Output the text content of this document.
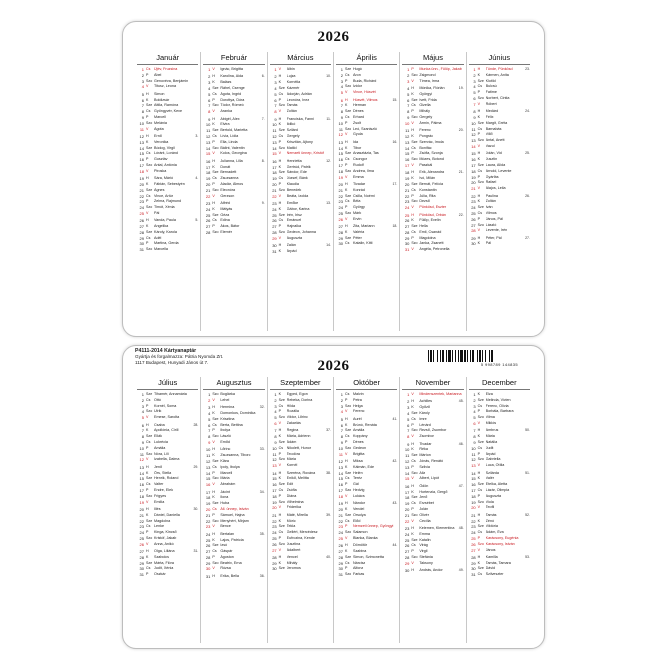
2026
Január
1 Cs Újév, Fruzsina
2 P	Ábel
3 Szo Genovéva, Benjámin
4 V	Titusz, Leona
5 H	Simon
6 K	Boldizsár
7 Sze Attila, Ramóna
8 Cs Gyöngyvér, Keve
9 P	Marcell
10 Szo Melánia
11 V	Ágota
12 H	Ernő	3.
13 K	Veronika
14 Sze Bódog, Virgil
15 Cs Lóránt, Loránd
16 P	Gusztáv
17 Szo Antal, Antónia
18 V	Piroska
19 H	Sára, Márió	4.
20 K	Fábián, Sebestyén
21 Sze Ágnes
22 Cs Vince, Artúr
23 P	Zelma, Rajmund
24 Szo Timót, Xénia
25 V	Pál
26 H	Vanda, Paula	5.
27 K	Angelika
28 Sze Károly, Karola
29 Cs Adél
30 P	Martina, Gerda
31 Szo Marcella
Február
1 V	Ignác, Brigitta
2 H	Karolina, Aida	6.
3 K	Balázs
4 Sze Ráhel, Csenge
5 Cs Ágota, Ingrid
6 P	Dorottya, Dóra
7 Szo Tódor, Rómeó
8 V	Aranka
9 H	Abigél, Alex	7.
10 K	Elvira
11 Sze Bertold, Marietta
12 Cs Lívia, Lídia
13 P	Ella, Linda
14 Szo Bálint, Valentin
15 V	Kolos, Georgina
16 H	Julianna, Lilla	8.
17 K	Donát
18 Sze Bernadett
19 Cs Zsuzsanna
20 P	Aladár, Álmos
21 Szo Eleonóra
22 V	Gerzson
23 H	Alfréd	9.
24 K	Mátyás
25 Sze Géza
26 Cs Edina
27 P	Ákos, Bátor
28 Szo Elemér
Március
1 V	Albin
2 H	Lujza	10.
3 K	Kornélia
4 Sze Kázmér
5 Cs Adorján, Adrián
6 P	Leonóra, Inez
7 Szo Tamás
8 V	Zoltán
9 H	Franciska, Fanni	11.
10 K	Ildikó
11 Sze Szilárd
12 Cs Gergely
13 P	Krisztián, Ajtony
14 Szo Matild
15 V	Nemzeti ünnep, Kristóf
16 H	Henrietta	12.
17 K	Gertrúd, Patrik
18 Sze Sándor, Ede
19 Cs József, Bánk
20 P	Klaudia
21 Szo Benedek
22 V	Beáta, Izolda
23 H	Emőke	13.
24 K	Gábor, Karina
25 Sze Irén, Irisz
26 Cs Emánuel
27 P	Hajnalka
28 Szo Gedeon, Johanna
29 V	Auguszta
30 H	Zalán	14.
31 K	Árpád
Április
1 Sze Hugó
2 Cs Áron
3 P	Buda, Richárd
4 Szo Izidor
5 V	Vince, Húsvét
6 H	Húsvét, Vilmos	15.
7 K	Herman
8 Sze Dénes
9 Cs Erhard
10 P	Zsolt
11 Szo Leó, Szaniszló
12 V	Gyula
13 H	Ida	16.
14 K	Tibor
15 Sze Anasztázia, Tas
16 Cs Csongor
17 P	Rudolf
18 Szo Andrea, Ilma
19 V	Emma
20 H	Tivadar	17.
21 K	Konrád
22 Sze Csilla, Noémi
23 Cs Béla
24 P	György
25 Szo Márk
26 V	Ervin
27 H	Zita, Mariann	18.
28 K	Valéria
29 Sze Péter
30 Cs Katalin, Kitti
Május
1 P	Munka ünn., Fülöp, Jakab
2 Szo Zsigmond
3 V	Tímea, Irma
4 H	Mónika, Flórián	19.
5 K	Györgyi
6 Sze Ivett, Frida
7 Cs Gizella
8 P	Mihály
9 Szo Gergely
10 V	Ármin, Pálma
11 H	Ferenc	20.
12 K	Pongrác
13 Sze Szervác, Imola
14 Cs Bonifác
15 P	Zsófia, Szonja
16 Szo Mózes, Botond
17 V	Paszkál
18 H	Erik, Alexandra	21.
19 K	Ivó, Milán
20 Sze Bernát, Felícia
21 Cs Konstantin
22 P	Júlia, Rita
23 Szo Dezső
24 V	Pünkösd, Eszter
25 H	Pünkösd, Orbán	22.
26 K	Fülöp, Evelin
27 Sze Hella
28 Cs Emil, Csanád
29 P	Magdolna
30 Szo Janka, Zsanett
31 V	Angéla, Petronella
Június
1 H	Tünde, Pünkösd	23.
2 K	Kármen, Anita
3 Sze Klotild
4 Cs Bulcsú
5 P	Fatime
6 Szo Norbert, Cintia
7 V	Róbert
8 H	Medárd	24.
9 K	Félix
10 Sze Margit, Gréta
11 Cs Barnabás
12 P	Villő
13 Szo Antal, Anett
14 V	Vazul
15 H	Jolán, Vid	25.
16 K	Jusztin
17 Sze Laura, Alida
18 Cs Arnold, Levente
19 P	Gyárfás
20 Szo Rafael
21 V	Alajos, Leila
22 H	Paulina	26.
23 K	Zoltán
24 Sze Iván
25 Cs Vilmos
26 P	János, Pál
27 Szo László
28 V	Levente, Irén
29 H	Péter, Pál	27.
30 K	Pál
P4111-2014 Kártyanaptár
Gyártja és forgalmazza: Pátria Nyomda Zrt.
1117 Budapest, Hunyadi János út 7.	5 998789 144835
2026
Július
1 Sze Tihamér, Annamária
2 Cs Ottó
3 P	Kornél, Soma
4 Szo Ulrik
5 V	Emese, Sarolta
6 H	Csaba	28.
7 K	Apollónia, Cirill
8 Sze Ellák
9 Cs Lukrécia
10 P	Amália
11 Szo Nóra, Lili
12 V	Izabella, Dalma
13 H	Jenő	29.
14 K	Örs, Stella
15 Sze Henrik, Roland
16 Cs Valter
17 P	Endre, Elek
18 Szo Frigyes
19 V	Emília
20 H	Illés	30.
21 K	Dániel, Daniella
22 Sze Magdolna
23 Cs Lenke
24 P	Kinga, Kincső
25 Szo Kristóf, Jakab
26 V	Anna, Anikó
27 H	Olga, Liliána	31.
28 K	Szabolcs
29 Sze Márta, Flóra
30 Cs Judit, Xénia
31 P	Oszkár
Augusztus
1 Szo Boglárka
2 V	Lehel
3 H	Hermina	32.
4 K	Domonkos, Dominika
5 Sze Krisztina
6 Cs Berta, Bettina
7 P	Ibolya
8 Szo László
9 V	Emőd
10 H	Lőrinc	33.
11 K	Zsuzsanna, Tiborc
12 Sze Klára
13 Cs Ipoly, Ibolya
14 P	Marcell
15 Szo Mária
16 V	Ábrahám
17 H	Jácint	34.
18 K	Ilona
19 Sze Huba
20 Cs Áll. ünnep, István
21 P	Sámuel, Hajna
22 Szo Menyhért, Mirjam
23 V	Bence
24 H	Bertalan	35.
25 K	Lajos, Patrícia
26 Sze Izsó
27 Cs Gáspár
28 P	Ágoston
29 Szo Beatrix, Erna
30 V	Rózsa
31 H	Erika, Bella	36.
Szeptember
1 K	Egyed, Egon
2 Sze Rebeka, Dorina
3 Cs Hilda
4 P	Rozália
5 Szo Viktor, Lőrinc
6 V	Zakariás
7 H	Regina	37.
8 K	Mária, Adrienn
9 Sze Ádám
10 Cs Nikolett, Hunor
11 P	Teodóra
12 Szo Mária
13 V	Kornél
14 H	Szeréna, Roxána	38.
15 K	Enikő, Melitta
16 Sze Edit
17 Cs Zsófia
18 P	Diána
19 Szo Vilhelmina
20 V	Friderika
21 H	Máté, Mirella	39.
22 K	Móric
23 Sze Tekla
24 Cs Gellért, Mercédesz
25 P	Eufrozina, Kende
26 Szo Jusztina
27 V	Adalbert
28 H	Vencel	40.
29 K	Mihály
30 Sze Jeromos
Október
1 Cs Malvin
2 P	Petra
3 Szo Helga
4 V	Ferenc
5 H	Aurél	41.
6 K	Brúnó, Renáta
7 Sze Amália
8 Cs Koppány
9 P	Dénes
10 Szo Gedeon
11 V	Brigitta
12 H	Miksa	42.
13 K	Kálmán, Ede
14 Sze Helén
15 Cs Teréz
16 P	Gál
17 Szo Hedvig
18 V	Lukács
19 H	Nándor	43.
20 K	Vendel
21 Sze Orsolya
22 Cs Előd
23 P	Nemzeti ünnep, Gyöngyi
24 Szo Salamon
25 V	Blanka, Bianka
26 H	Dömötör	44.
27 K	Szabina
28 Sze Simon, Szimonetta
29 Cs Nárcisz
30 P	Alfonz
31 Szo Farkas
November
1 V	Mindenszentek, Marianna
2 H	Achilles	45.
3 K	Győző
4 Sze Károly
5 Cs Imre
6 P	Lénárd
7 Szo Rezső, Zsombor
8 V	Zsombor
9 H	Tivadar	46.
10 K	Réka
11 Sze Márton
12 Cs Jónás, Renátó
13 P	Szilvia
14 Szo Aliz
15 V	Albert, Lipót
16 H	Ödön	47.
17 K	Hortenzia, Gergő
18 Sze Jenő
19 Cs Erzsébet
20 P	Jolán
21 Szo Olivér
22 V	Cecília
23 H	Kelemen, Klementina	48.
24 K	Emma
25 Sze Katalin
26 Cs Virág
27 P	Virgil
28 Szo Stefánia
29 V	Taksony
30 H	András, Andor	49.
December
1 K	Elza
2 Sze Melinda, Vivien
3 Cs Ferenc, Olívia
4 P	Borbála, Barbara
5 Szo Vilma
6 V	Miklós
7 H	Ambrus	50.
8 K	Mária
9 Sze Natália
10 Cs Judit
11 P	Árpád
12 Szo Gabriella
13 V	Luca, Otília
14 H	Szilárda	51.
15 K	Valér
16 Sze Etelka, Aletta
17 Cs Lázár, Olimpia
18 P	Auguszta
19 Szo Viola
20 V	Teofil
21 H	Tamás	52.
22 K	Zénó
23 Sze Viktória
24 Cs Ádám, Éva
25 P	Karácsony, Eugénia
26 Szo Karácsony, István
27 V	János
28 H	Kamilla	53.
29 K	Tamás, Tamara
30 Sze Dávid
31 Cs Szilveszter
